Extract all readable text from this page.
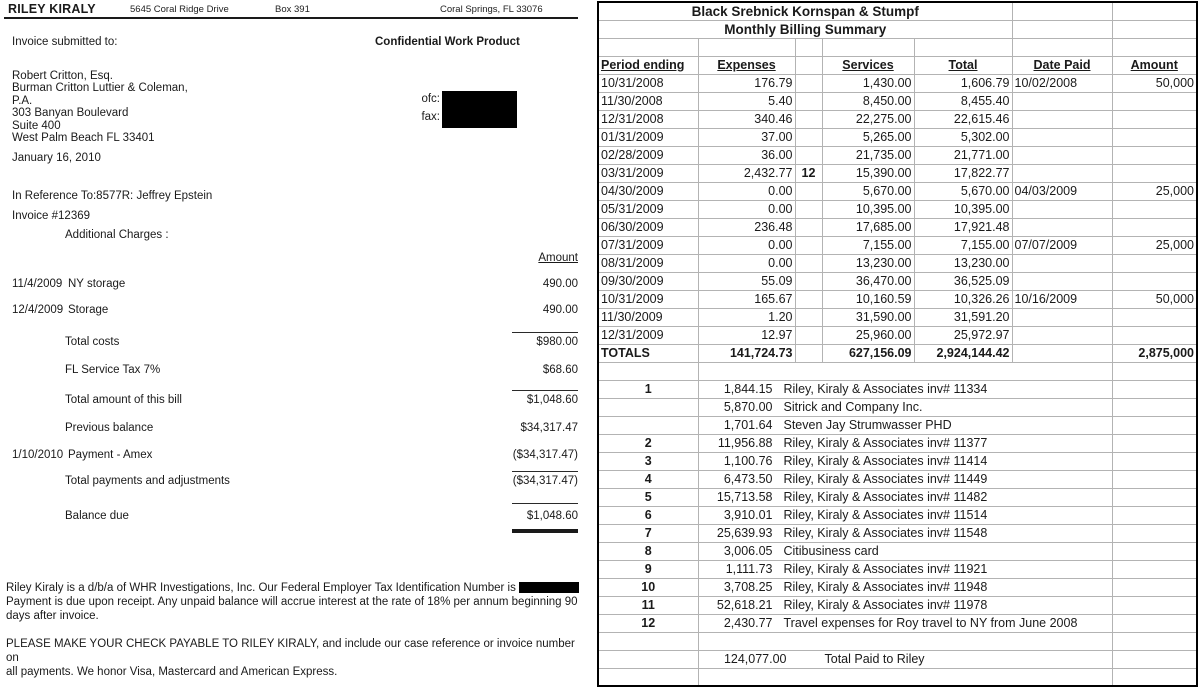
RILEY KIRALY	5645 Coral Ridge Drive	Box 391	Coral Springs, FL 33076
Invoice submitted to:	Confidential Work Product
Robert Critton, Esq.
Burman Critton Luttier & Coleman,
P.A.
303 Banyan Boulevard
Suite 400
West Palm Beach FL 33401
ofc:
fax:
January 16, 2010
In Reference To:8577R: Jeffrey Epstein
Invoice #12369
Additional Charges :
Amount
11/4/2009 NY storage	490.00
12/4/2009 Storage	490.00
Total costs	$980.00
FL Service Tax 7%	$68.60
Total amount of this bill	$1,048.60
Previous balance	$34,317.47
1/10/2010 Payment - Amex	($34,317.47)
Total payments and adjustments	($34,317.47)
Balance due	$1,048.60
Riley Kiraly is a d/b/a of WHR Investigations, Inc. Our Federal Employer Tax Identification Number is
Payment is due upon receipt. Any unpaid balance will accrue interest at the rate of 18% per annum beginning 90
days after invoice.
PLEASE MAKE YOUR CHECK PAYABLE TO RILEY KIRALY, and include our case reference or invoice number on
all payments. We honor Visa, Mastercard and American Express.
Black Srebnick Kornspan & Stumpf						
Monthly Billing Summary						

Period ending	Expenses		Services	Total	Date Paid	Amount
10/31/2008	176.79		1,430.00	1,606.79	10/02/2008	50,000
11/30/2008	5.40		8,450.00	8,455.40		
12/31/2008	340.46		22,275.00	22,615.46		
01/31/2009	37.00		5,265.00	5,302.00		
02/28/2009	36.00		21,735.00	21,771.00		
03/31/2009	2,432.77	12	15,390.00	17,822.77		
04/30/2009	0.00		5,670.00	5,670.00	04/03/2009	25,000
05/31/2009	0.00		10,395.00	10,395.00		
06/30/2009	236.48		17,685.00	17,921.48		
07/31/2009	0.00		7,155.00	7,155.00	07/07/2009	25,000
08/31/2009	0.00		13,230.00	13,230.00		
09/30/2009	55.09		36,470.00	36,525.09		
10/31/2009	165.67		10,160.59	10,326.26	10/16/2009	50,000
11/30/2009	1.20		31,590.00	31,591.20		
12/31/2009	12.97		25,960.00	25,972.97		
TOTALS	141,724.73		627,156.09	2,924,144.42		2,875,000

1	1,844.15 Riley, Kiraly & Associates inv# 11334					
	5,870.00 Sitrick and Company Inc.					
	1,701.64 Steven Jay Strumwasser PHD					
2	11,956.88 Riley, Kiraly & Associates inv# 11377					
3	1,100.76 Riley, Kiraly & Associates inv# 11414					
4	6,473.50 Riley, Kiraly & Associates inv# 11449					
5	15,713.58 Riley, Kiraly & Associates inv# 11482					
6	3,910.01 Riley, Kiraly & Associates inv# 11514					
7	25,639.93 Riley, Kiraly & Associates inv# 11548					
8	3,006.05 Citibusiness card					
9	1,111.73 Riley, Kiraly & Associates inv# 11921					
10	3,708.25 Riley, Kiraly & Associates inv# 11948					
11	52,618.21 Riley, Kiraly & Associates inv# 11978					
12	2,430.77 Travel expenses for Roy travel to NY from June 2008					

	124,077.00 Total Paid to Riley					
